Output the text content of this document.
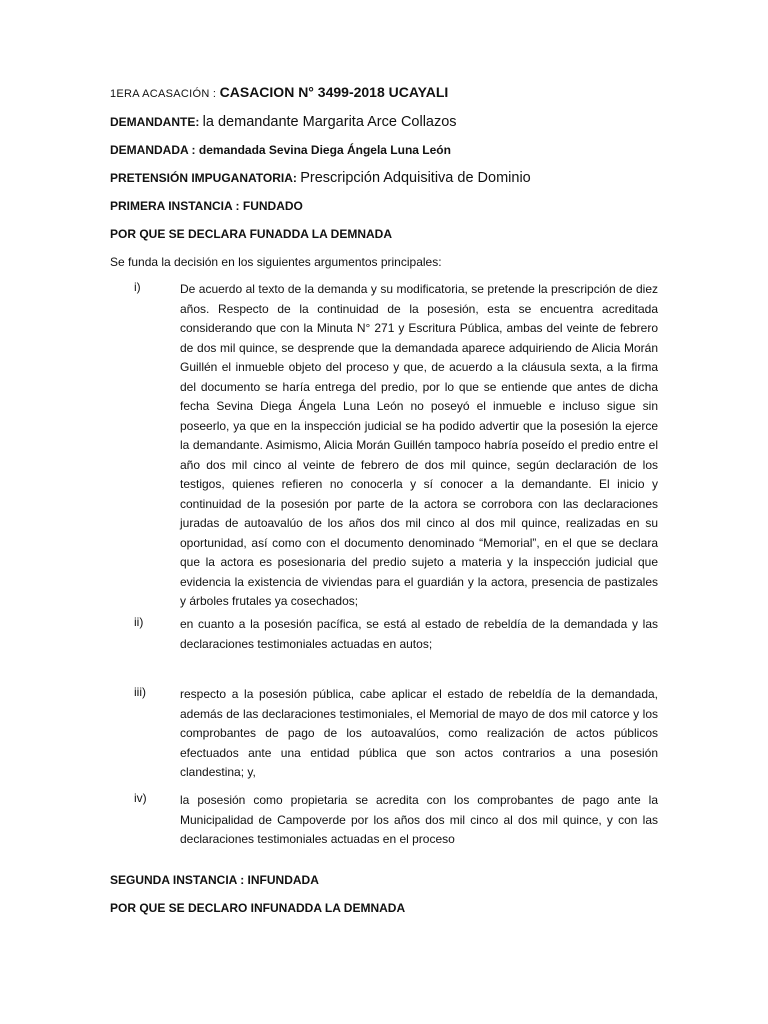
1ERA ACASACIÓN : CASACION N° 3499-2018 UCAYALI
DEMANDANTE: la demandante Margarita Arce Collazos
DEMANDADA : demandada Sevina Diega Ángela Luna León
PRETENSIÓN IMPUGANATORIA: Prescripción Adquisitiva de Dominio
PRIMERA INSTANCIA : FUNDADO
POR QUE SE DECLARA FUNADDA LA DEMNADA
Se funda la decisión en los siguientes argumentos principales:
i)	De acuerdo al texto de la demanda y su modificatoria, se pretende la prescripción de diez años. Respecto de la continuidad de la posesión, esta se encuentra acreditada considerando que con la Minuta N° 271 y Escritura Pública, ambas del veinte de febrero de dos mil quince, se desprende que la demandada aparece adquiriendo de Alicia Morán Guillén el inmueble objeto del proceso y que, de acuerdo a la cláusula sexta, a la firma del documento se haría entrega del predio, por lo que se entiende que antes de dicha fecha Sevina Diega Ángela Luna León no poseyó el inmueble e incluso sigue sin poseerlo, ya que en la inspección judicial se ha podido advertir que la posesión la ejerce la demandante. Asimismo, Alicia Morán Guillén tampoco habría poseído el predio entre el año dos mil cinco al veinte de febrero de dos mil quince, según declaración de los testigos, quienes refieren no conocerla y sí conocer a la demandante. El inicio y continuidad de la posesión por parte de la actora se corrobora con las declaraciones juradas de autoavalúo de los años dos mil cinco al dos mil quince, realizadas en su oportunidad, así como con el documento denominado “Memorial”, en el que se declara que la actora es posesionaria del predio sujeto a materia y la inspección judicial que evidencia la existencia de viviendas para el guardián y la actora, presencia de pastizales y árboles frutales ya cosechados;
ii)	en cuanto a la posesión pacífica, se está al estado de rebeldía de la demandada y las declaraciones testimoniales actuadas en autos;
iii)	respecto a la posesión pública, cabe aplicar el estado de rebeldía de la demandada, además de las declaraciones testimoniales, el Memorial de mayo de dos mil catorce y los comprobantes de pago de los autoavalúos, como realización de actos públicos efectuados ante una entidad pública que son actos contrarios a una posesión clandestina; y,
iv)	la posesión como propietaria se acredita con los comprobantes de pago ante la Municipalidad de Campoverde por los años dos mil cinco al dos mil quince, y con las declaraciones testimoniales actuadas en el proceso
SEGUNDA INSTANCIA : INFUNDADA
POR QUE SE DECLARO INFUNADDA LA DEMNADA
